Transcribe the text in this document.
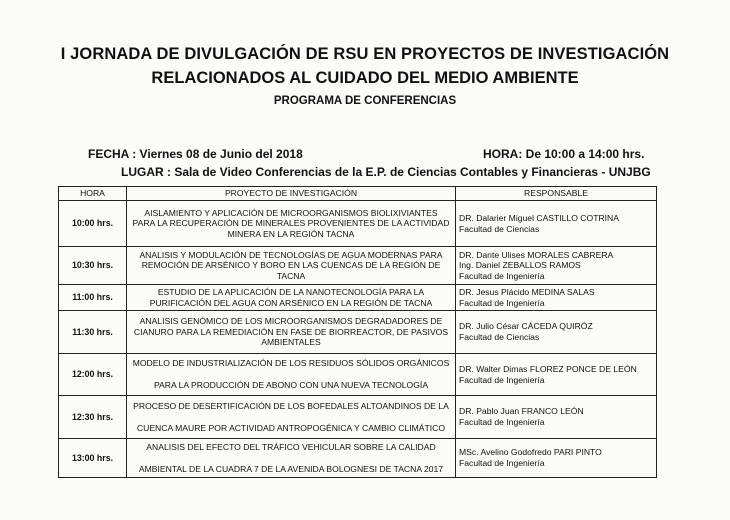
I JORNADA DE DIVULGACIÓN DE RSU EN PROYECTOS DE INVESTIGACIÓN
RELACIONADOS AL CUIDADO DEL MEDIO AMBIENTE
PROGRAMA DE CONFERENCIAS
FECHA : Viernes 08 de Junio del 2018	HORA: De 10:00 a 14:00 hrs.
LUGAR : Sala de Video Conferencias de la E.P. de Ciencias Contables y Financieras - UNJBG
HORA	PROYECTO DE INVESTIGACIÓN	RESPONSABLE
10:00 hrs.	AISLAMIENTO Y APLICACIÓN DE MICROORGANISMOS BIOLIXIVIANTES
PARA LA RECUPERACIÓN DE MINERALES PROVENIENTES DE LA ACTIVIDAD
MINERA EN LA REGIÓN TACNA	DR. Dalarier Miguel CASTILLO COTRINA
Facultad de Ciencias

10:30 hrs.	ANALISIS Y MODULACIÓN DE TECNOLOGÍAS DE AGUA MODERNAS PARA
REMOCIÓN DE ARSÉNICO Y BORO EN LAS CUENCAS DE LA REGIÓN DE
TACNA	DR. Dante Ulises MORALES CABRERA
Ing. Daniel ZEBALLOS RAMOS
Facultad de Ingeniería

11:00 hrs.	ESTUDIO DE LA APLICACIÓN DE LA NANOTECNOLOGÍA PARA LA
PURIFICACIÓN DEL AGUA CON ARSÉNICO EN LA REGIÓN DE TACNA	DR. Jesus Plácido MEDINA SALAS
Facultad de Ingeniería

11:30 hrs.	ANALISIS GENÓMICO DE LOS MICROORGANISMOS DEGRADADORES DE
CIANURO PARA LA REMEDIACIÓN EN FASE DE BIORREACTOR, DE PASIVOS
AMBIENTALES	DR. Julio César CÁCEDA QUIRÓZ
Facultad de Ciencias

12:00 hrs.	MODELO DE INDUSTRIALIZACIÓN DE LOS RESIDUOS SÓLIDOS ORGÁNICOS
PARA LA PRODUCCIÓN DE ABONO CON UNA NUEVA TECNOLOGÍA	DR. Walter Dimas FLOREZ PONCE DE LEÓN
Facultad de Ingeniería

12:30 hrs.	PROCESO DE DESERTIFICACIÓN DE LOS BOFEDALES ALTOANDINOS DE LA
CUENCA MAURE POR ACTIVIDAD ANTROPOGÉNICA Y CAMBIO CLIMÁTICO	DR. Pablo Juan FRANCO LEÓN
Facultad de Ingeniería

13:00 hrs.	ANALISIS DEL EFECTO DEL TRÁFICO VEHICULAR SOBRE LA CALIDAD
AMBIENTAL DE LA CUADRA 7 DE LA AVENIDA BOLOGNESI DE TACNA 2017	MSc. Avelino Godofredo PARI PINTO
Facultad de Ingeniería
